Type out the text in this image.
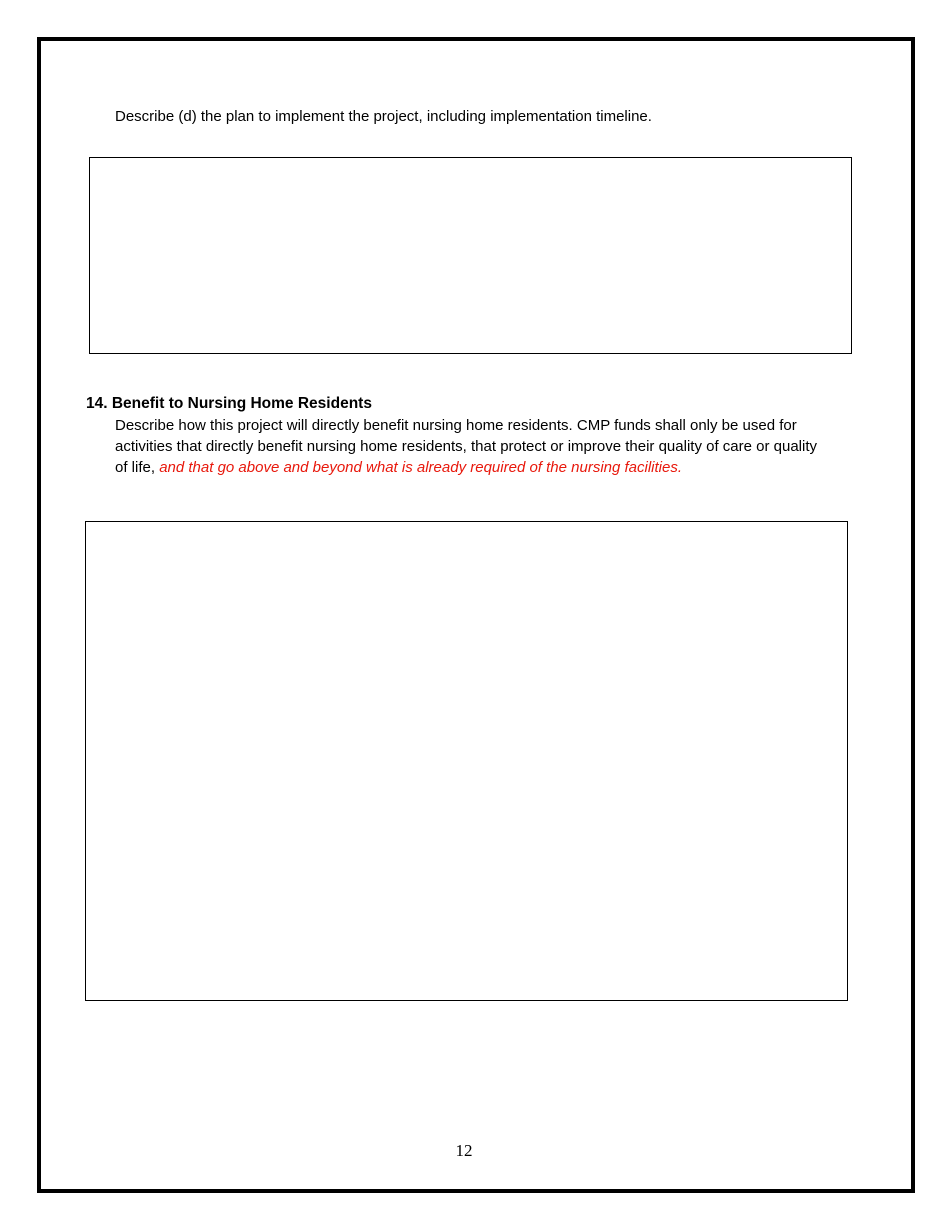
Describe (d) the plan to implement the project, including implementation timeline.

14. Benefit to Nursing Home Residents

Describe how this project will directly benefit nursing home residents. CMP funds shall only be used for activities that directly benefit nursing home residents, that protect or improve their quality of care or quality of life, and that go above and beyond what is already required of the nursing facilities.

12
